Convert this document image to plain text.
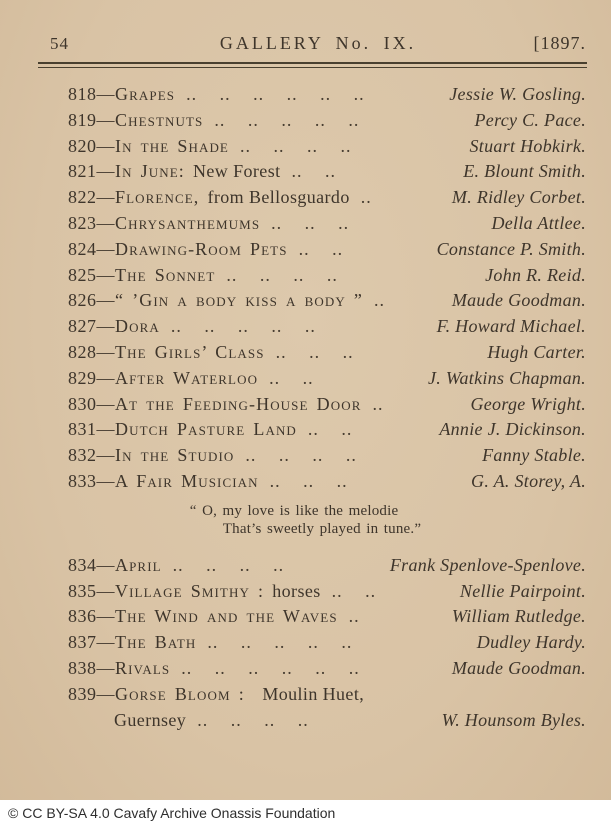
54	GALLERY No. IX.	[1897.
818— Grapes .. .. .. .. .. ..	Jessie W. Gosling.
819— Chestnuts .. .. .. .. ..	Percy C. Pace.
820— In the Shade .. .. .. ..	Stuart Hobkirk.
821— In June: New Forest .. ..	E. Blount Smith.
822— Florence, from Bellosguardo ..	M. Ridley Corbet.
823— Chrysanthemums .. .. ..	Della Attlee.
824— Drawing-Room Pets .. ..	Constance P. Smith.
825— The Sonnet .. .. .. ..	John R. Reid.
826— “ ’Gin a body kiss a body ” ..	Maude Goodman.
827— Dora .. .. .. .. ..	F. Howard Michael.
828— The Girls’ Class .. .. ..	Hugh Carter.
829— After Waterloo .. ..	J. Watkins Chapman.
830— At the Feeding-House Door ..	George Wright.
831— Dutch Pasture Land .. ..	Annie J. Dickinson.
832— In the Studio .. .. .. ..	Fanny Stable.
833— A Fair Musician .. .. ..	G. A. Storey, A.
“ O, my love is like the melodie
That’s sweetly played in tune.”
834— April .. .. .. ..	Frank Spenlove-Spenlove.
835— Village Smithy : horses .. ..	Nellie Pairpoint.
836— The Wind and the Waves ..	William Rutledge.
837— The Bath .. .. .. .. ..	Dudley Hardy.
838— Rivals .. .. .. .. .. ..	Maude Goodman.
839— Gorse Bloom :  Moulin Huet,
Guernsey .. .. .. ..	W. Hounsom Byles.
© CC BY-SA 4.0 Cavafy Archive Onassis Foundation
